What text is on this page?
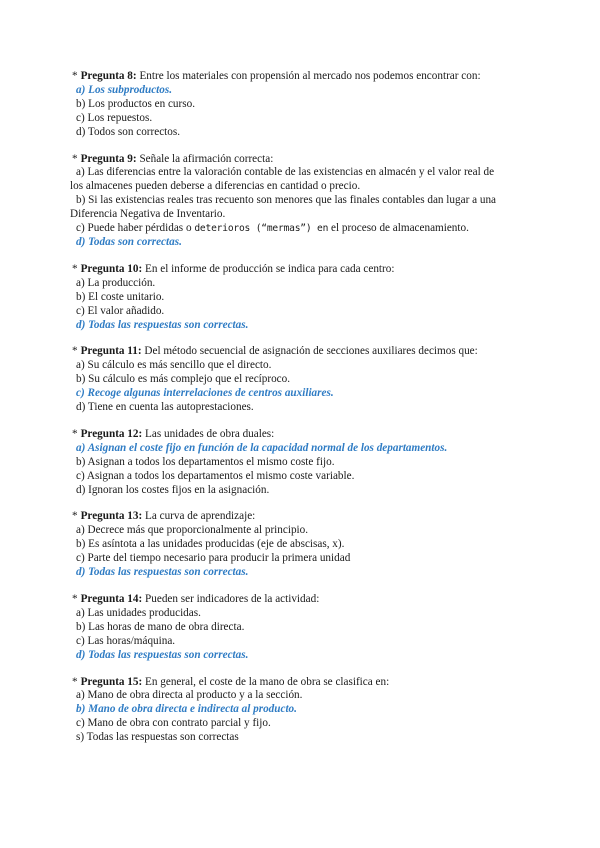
* Pregunta 8: Entre los materiales con propensión al mercado nos podemos encontrar con:
a) Los subproductos.
b) Los productos en curso.
c) Los repuestos.
d) Todos son correctos.
* Pregunta 9: Señale la afirmación correcta:
a) Las diferencias entre la valoración contable de las existencias en almacén y el valor real de
los almacenes pueden deberse a diferencias en cantidad o precio.
b) Si las existencias reales tras recuento son menores que las finales contables dan lugar a una
Diferencia Negativa de Inventario.
c) Puede haber pérdidas o deterioros (“mermas”) en el proceso de almacenamiento.
d) Todas son correctas.
* Pregunta 10: En el informe de producción se indica para cada centro:
a) La producción.
b) El coste unitario.
c) El valor añadido.
d) Todas las respuestas son correctas.
* Pregunta 11: Del método secuencial de asignación de secciones auxiliares decimos que:
a) Su cálculo es más sencillo que el directo.
b) Su cálculo es más complejo que el recíproco.
c) Recoge algunas interrelaciones de centros auxiliares.
d) Tiene en cuenta las autoprestaciones.
* Pregunta 12: Las unidades de obra duales:
a) Asignan el coste fijo en función de la capacidad normal de los departamentos.
b) Asignan a todos los departamentos el mismo coste fijo.
c) Asignan a todos los departamentos el mismo coste variable.
d) Ignoran los costes fijos en la asignación.
* Pregunta 13: La curva de aprendizaje:
a) Decrece más que proporcionalmente al principio.
b) Es asíntota a las unidades producidas (eje de abscisas, x).
c) Parte del tiempo necesario para producir la primera unidad
d) Todas las respuestas son correctas.
* Pregunta 14: Pueden ser indicadores de la actividad:
a) Las unidades producidas.
b) Las horas de mano de obra directa.
c) Las horas/máquina.
d) Todas las respuestas son correctas.
* Pregunta 15: En general, el coste de la mano de obra se clasifica en:
a) Mano de obra directa al producto y a la sección.
b) Mano de obra directa e indirecta al producto.
c) Mano de obra con contrato parcial y fijo.
s) Todas las respuestas son correctas
